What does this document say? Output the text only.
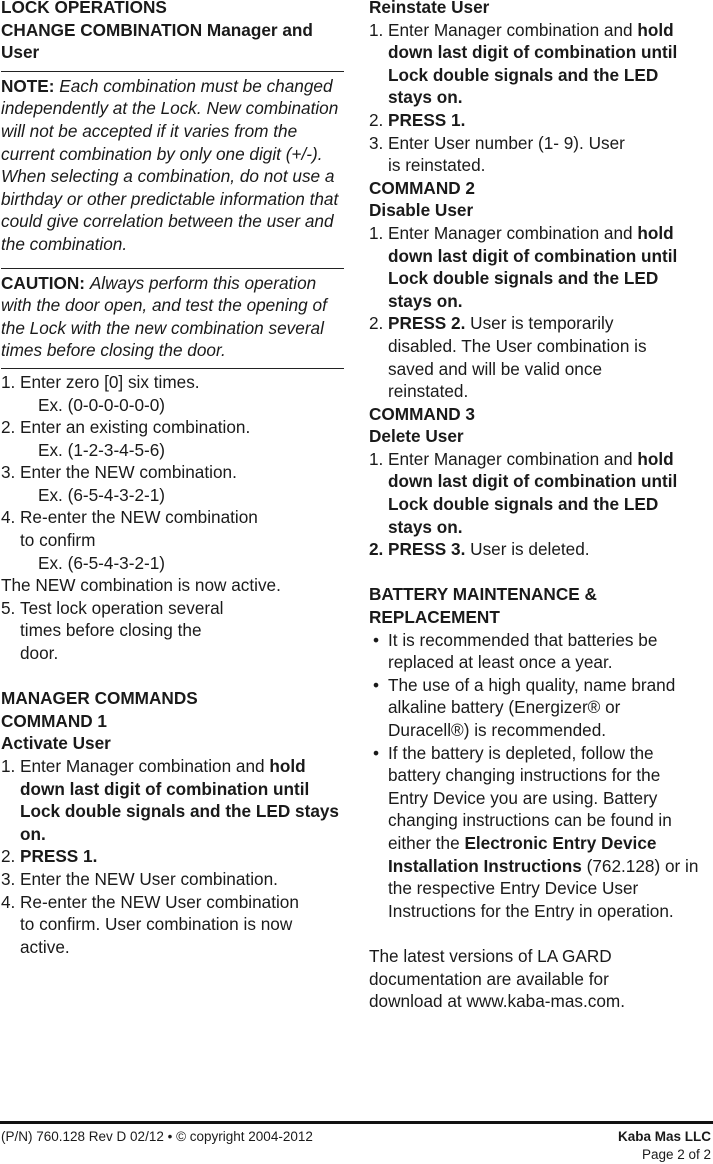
LOCK OPERATIONS

CHANGE COMBINATION Manager and User

NOTE: Each combination must be changed independently at the Lock. New combination will not be accepted if it varies from the current combination by only one digit (+/-). When selecting a combination, do not use a birthday or other predictable information that could give correlation between the user and the combination.
CAUTION: Always perform this operation with the door open, and test the opening of the Lock with the new combination several times before closing the door.
1. Enter zero [0] six times.

Ex. (0-0-0-0-0-0)

2. Enter an existing combination.

Ex. (1-2-3-4-5-6)

3. Enter the NEW combination.

Ex. (6-5-4-3-2-1)

4. Re-enter the NEW combination

to confirm

Ex. (6-5-4-3-2-1)

The NEW combination is now active.

5. Test lock operation several times before closing the door.

MANAGER COMMANDS

COMMAND 1

Activate User

1. Enter Manager combination and hold down last digit of combination until Lock double signals and the LED stays on.
2. PRESS 1.
3. Enter the NEW User combination.
4. Re-enter the NEW User combination to confirm. User combination is now active.

Reinstate User

1. Enter Manager combination and hold down last digit of combination until Lock double signals and the LED stays on.
2. PRESS 1.
3. Enter User number (1- 9). User is reinstated.

COMMAND 2

Disable User

1. Enter Manager combination and hold down last digit of combination until Lock double signals and the LED stays on.
2. PRESS 2. User is temporarily disabled. The User combination is saved and will be valid once reinstated.

COMMAND 3

Delete User

1. Enter Manager combination and hold down last digit of combination until Lock double signals and the LED stays on.
2. PRESS 3. User is deleted.

BATTERY MAINTENANCE & REPLACEMENT

• It is recommended that batteries be replaced at least once a year.
• The use of a high quality, name brand alkaline battery (Energizer® or Duracell®) is recommended.
• If the battery is depleted, follow the battery changing instructions for the Entry Device you are using. Battery changing instructions can be found in either the Electronic Entry Device Installation Instructions (762.128) or in the respective Entry Device User Instructions for the Entry in operation.

The latest versions of LA GARD documentation are available for download at www.kaba-mas.com.

(P/N) 760.128 Rev D 02/12 • © copyright 2004-2012	Kaba Mas LLC
Page 2 of 2
